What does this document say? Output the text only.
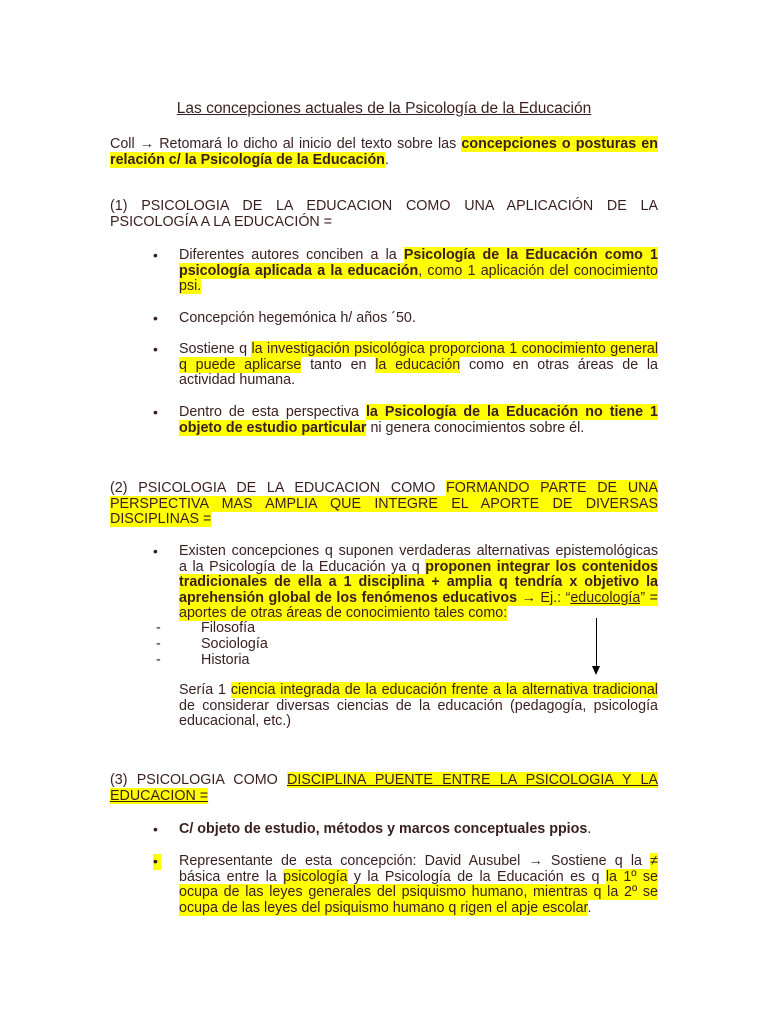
Las concepciones actuales de la Psicología de la Educación
Coll → Retomará lo dicho al inicio del texto sobre las concepciones o posturas en relación c/ la Psicología de la Educación.
(1) PSICOLOGIA DE LA EDUCACION COMO UNA APLICACIÓN DE LA PSICOLOGÍA A LA EDUCACIÓN =
• Diferentes autores conciben a la Psicología de la Educación como 1 psicología aplicada a la educación, como 1 aplicación del conocimiento psi.
• Concepción hegemónica h/ años ´50.
• Sostiene q la investigación psicológica proporciona 1 conocimiento general q puede aplicarse tanto en la educación como en otras áreas de la actividad humana.
• Dentro de esta perspectiva la Psicología de la Educación no tiene 1 objeto de estudio particular ni genera conocimientos sobre él.
(2) PSICOLOGIA DE LA EDUCACION COMO FORMANDO PARTE DE UNA PERSPECTIVA MAS AMPLIA QUE INTEGRE EL APORTE DE DIVERSAS DISCIPLINAS =
• Existen concepciones q suponen verdaderas alternativas epistemológicas a la Psicología de la Educación ya q proponen integrar los contenidos tradicionales de ella a 1 disciplina + amplia q tendría x objetivo la aprehensión global de los fenómenos educativos → Ej.: “educología” = aportes de otras áreas de conocimiento tales como:
-	Filosofía
-	Sociología
-	Historia
Sería 1 ciencia integrada de la educación frente a la alternativa tradicional de considerar diversas ciencias de la educación (pedagogía, psicología educacional, etc.)
(3) PSICOLOGIA COMO DISCIPLINA PUENTE ENTRE LA PSICOLOGIA Y LA EDUCACION =
• C/ objeto de estudio, métodos y marcos conceptuales ppios.
• Representante de esta concepción: David Ausubel → Sostiene q la ≠ básica entre la psicología y la Psicología de la Educación es q la 1º se ocupa de las leyes generales del psiquismo humano, mientras q la 2º se ocupa de las leyes del psiquismo humano q rigen el apje escolar.
